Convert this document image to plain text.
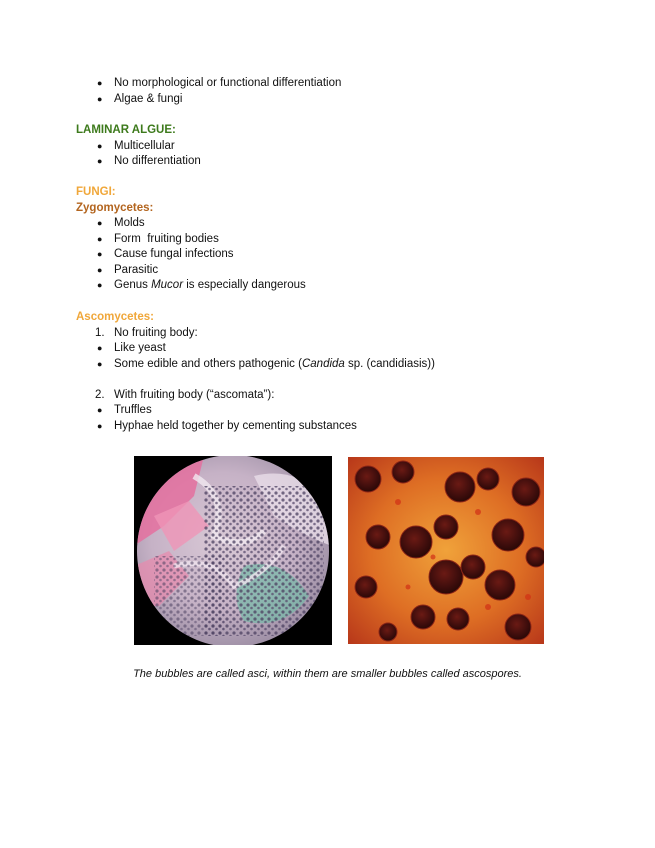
● No morphological or functional differentiation
● Algae & fungi
LAMINAR ALGUE:
● Multicellular
● No differentiation
FUNGI:
Zygomycetes:
● Molds
● Form  fruiting bodies
● Cause fungal infections
● Parasitic
● Genus Mucor is especially dangerous
Ascomycetes:
1. No fruiting body:
● Like yeast
● Some edible and others pathogenic (Candida sp. (candidiasis))
2. With fruiting body (“ascomata”):
● Truffles
● Hyphae held together by cementing substances
The bubbles are called asci, within them are smaller bubbles called ascospores.
